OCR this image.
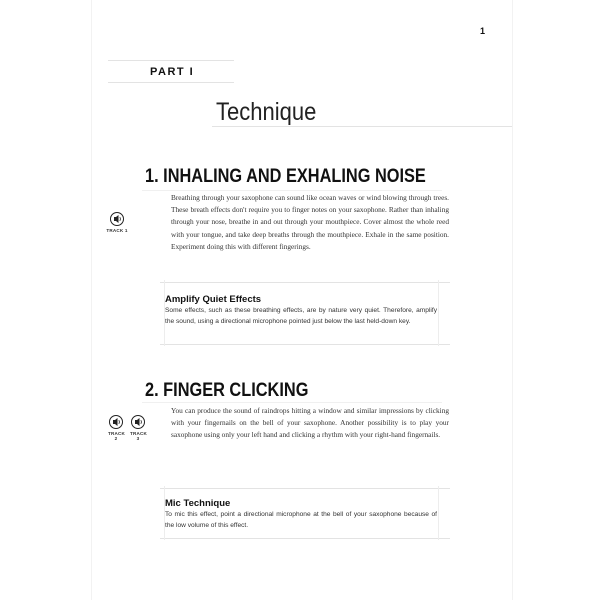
1
PART I
Technique
1. INHALING AND EXHALING NOISE
TRACK 1
Breathing through your saxophone can sound like ocean waves or wind blowing through trees. These breath effects don't require you to finger notes on your saxophone. Rather than inhaling through your nose, breathe in and out through your mouthpiece. Cover almost the whole reed with your tongue, and take deep breaths through the mouthpiece. Exhale in the same position. Experiment doing this with different fingerings.
Amplify Quiet Effects
Some effects, such as these breathing effects, are by nature very quiet. Therefore, amplify the sound, using a directional microphone pointed just below the last held-down key.
2. FINGER CLICKING
TRACK 2
TRACK 3
You can produce the sound of raindrops hitting a window and similar impressions by clicking with your fingernails on the bell of your saxophone. Another possibility is to play your saxophone using only your left hand and clicking a rhythm with your right-hand fingernails.
Mic Technique
To mic this effect, point a directional microphone at the bell of your saxophone because of the low volume of this effect.
